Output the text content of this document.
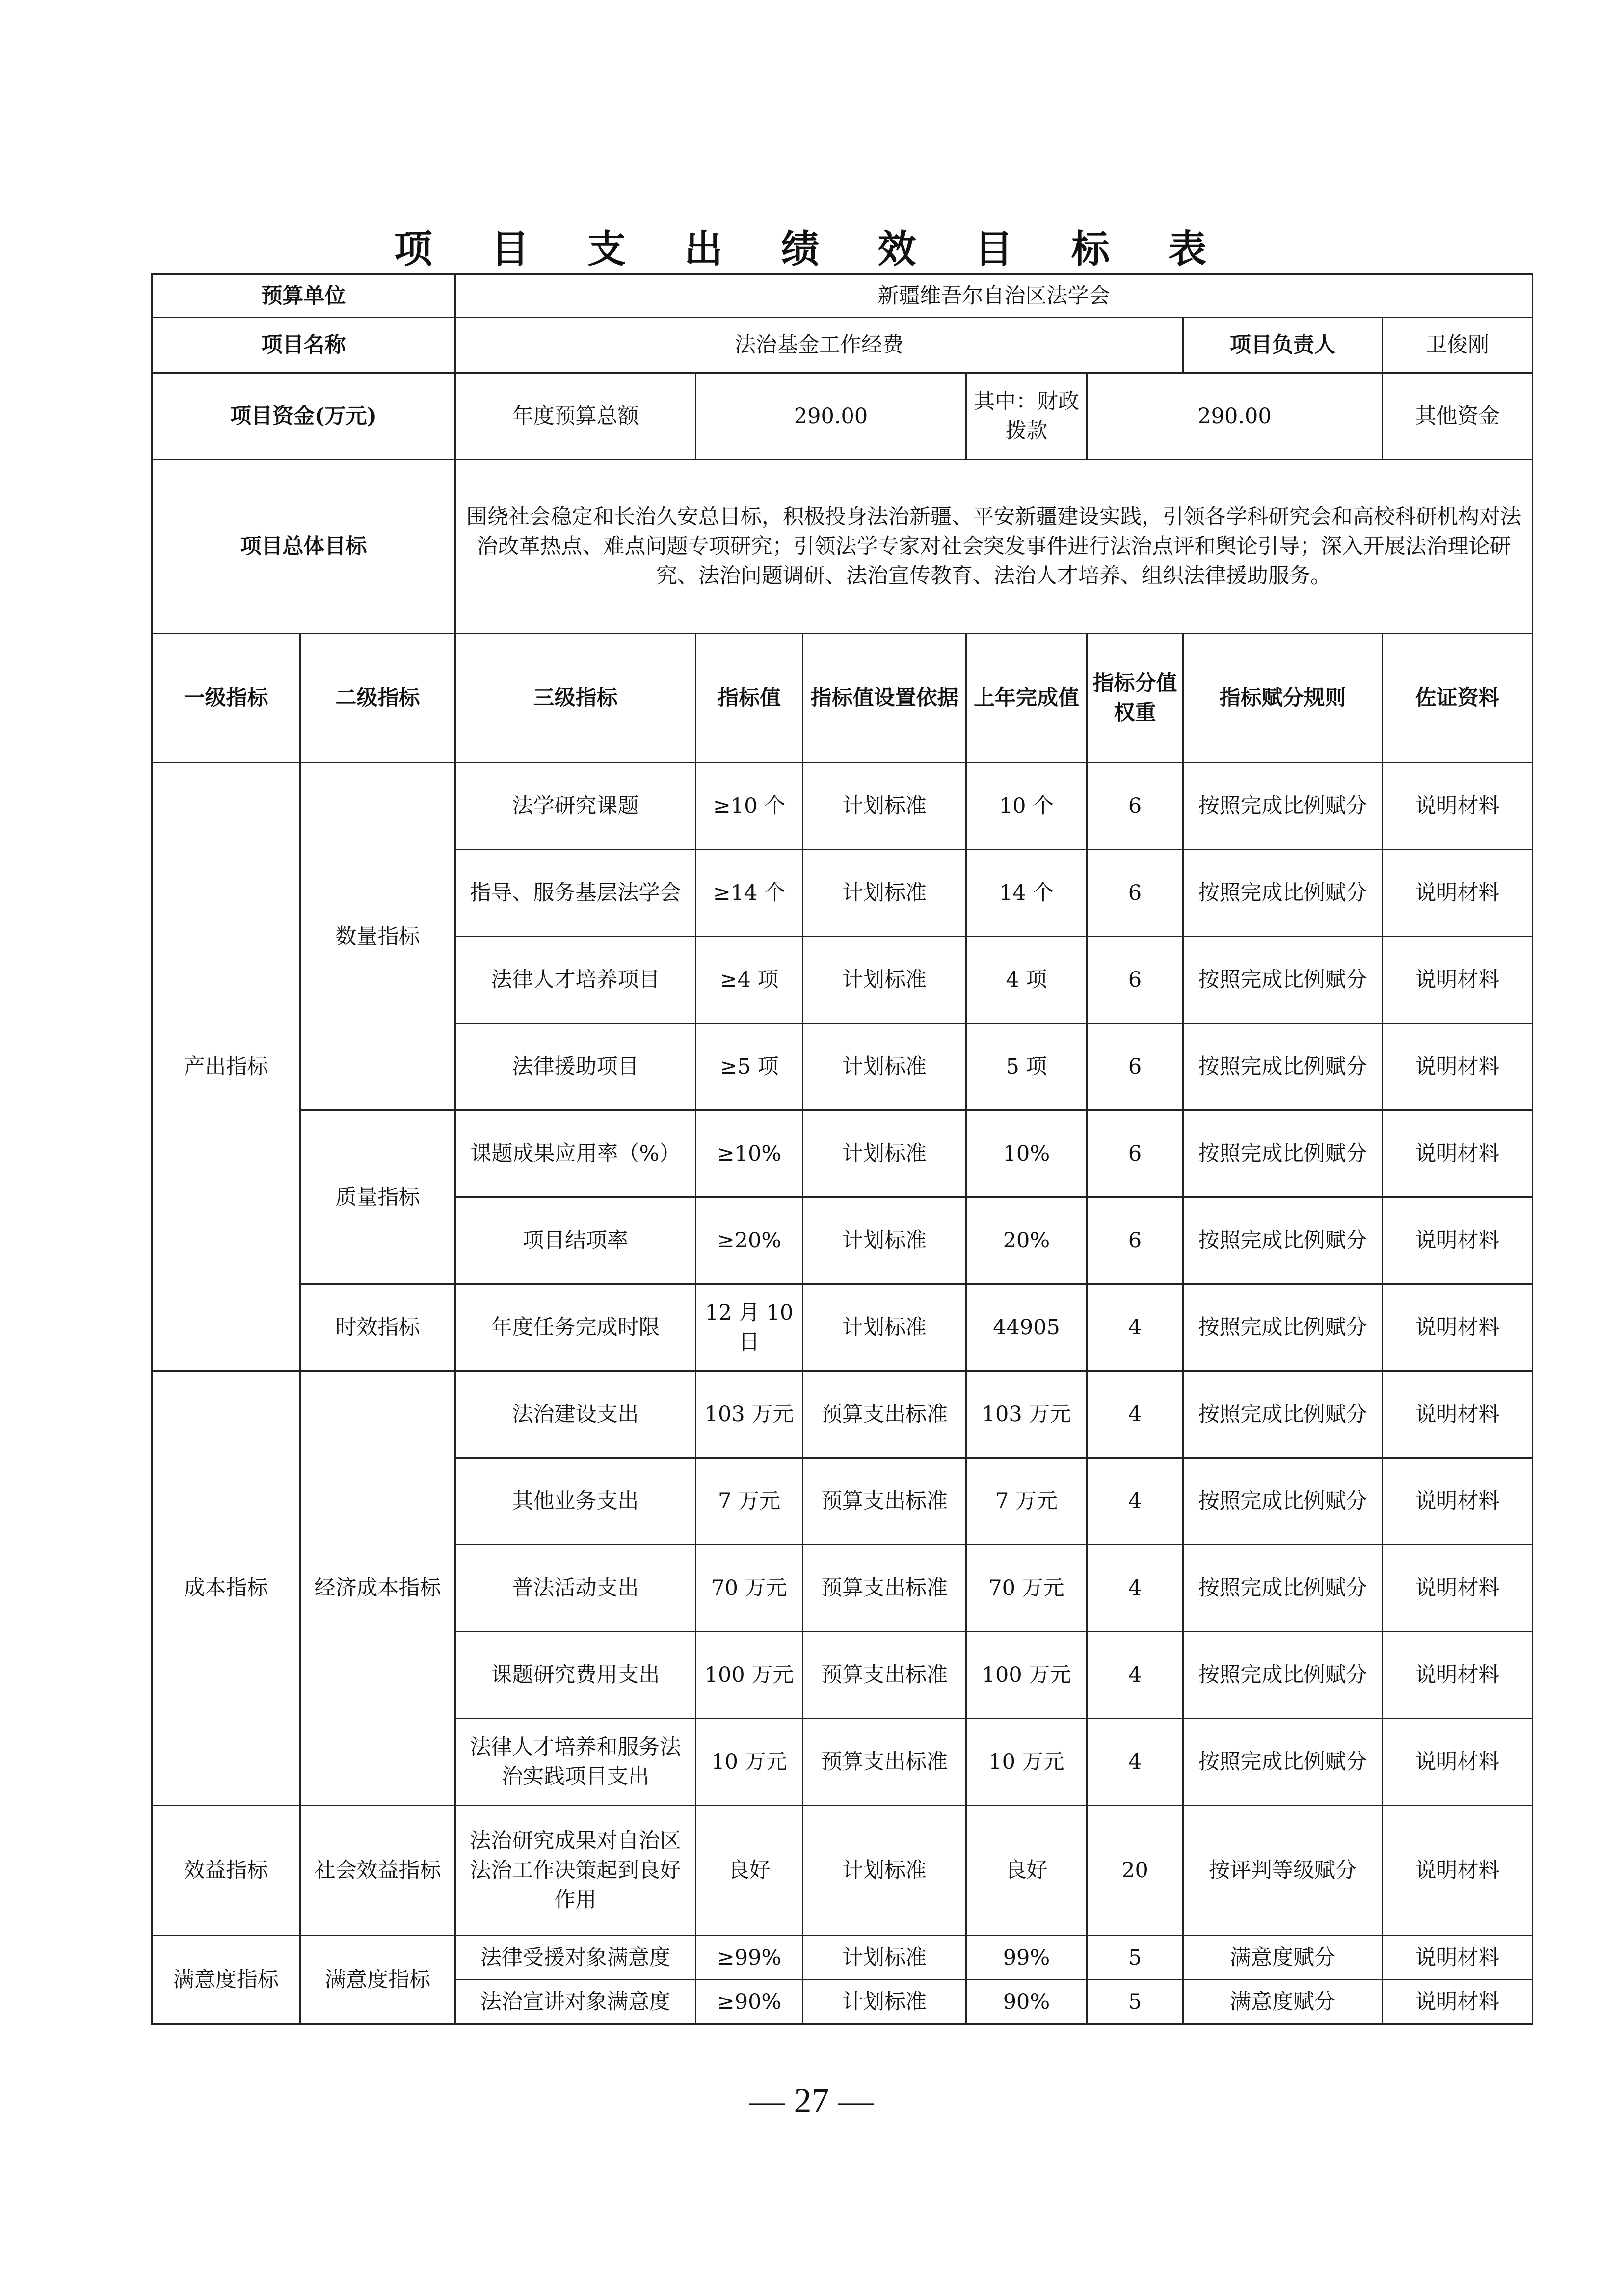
项 目 支 出 绩 效 目 标 表
预算单位		新疆维吾尔自治区法学会						
项目名称		法治基金工作经费					项目负责人	卫俊刚
项目资金(万元)		年度预算总额	290.00		其中：财政拨款	290.00		其他资金
项目总体目标		围绕社会稳定和长治久安总目标，积极投身法治新疆、平安新疆建设实践，引领各学科研究会和高校科研机构对法治改革热点、难点问题专项研究；引领法学专家对社会突发事件进行法治点评和舆论引导；深入开展法治理论研究、法治问题调研、法治宣传教育、法治人才培养、组织法律援助服务。						
一级指标	二级指标	三级指标	指标值	指标值设置依据	上年完成值	指标分值权重	指标赋分规则	佐证资料
产出指标	数量指标	法学研究课题	≥10 个	计划标准	10 个	6	按照完成比例赋分	说明材料
		指导、服务基层法学会	≥14 个	计划标准	14 个	6	按照完成比例赋分	说明材料
		法律人才培养项目	≥4 项	计划标准	4 项	6	按照完成比例赋分	说明材料
		法律援助项目	≥5 项	计划标准	5 项	6	按照完成比例赋分	说明材料
	质量指标	课题成果应用率（%）	≥10%	计划标准	10%	6	按照完成比例赋分	说明材料
		项目结项率	≥20%	计划标准	20%	6	按照完成比例赋分	说明材料
	时效指标	年度任务完成时限	12 月 10 日	计划标准	44905	4	按照完成比例赋分	说明材料
成本指标	经济成本指标	法治建设支出	103 万元	预算支出标准	103 万元	4	按照完成比例赋分	说明材料
		其他业务支出	7 万元	预算支出标准	7 万元	4	按照完成比例赋分	说明材料
		普法活动支出	70 万元	预算支出标准	70 万元	4	按照完成比例赋分	说明材料
		课题研究费用支出	100 万元	预算支出标准	100 万元	4	按照完成比例赋分	说明材料
		法律人才培养和服务法治实践项目支出	10 万元	预算支出标准	10 万元	4	按照完成比例赋分	说明材料
效益指标	社会效益指标	法治研究成果对自治区法治工作决策起到良好作用	良好	计划标准	良好	20	按评判等级赋分	说明材料
满意度指标	满意度指标	法律受援对象满意度	≥99%	计划标准	99%	5	满意度赋分	说明材料
		法治宣讲对象满意度	≥90%	计划标准	90%	5	满意度赋分	说明材料
— 27 —
